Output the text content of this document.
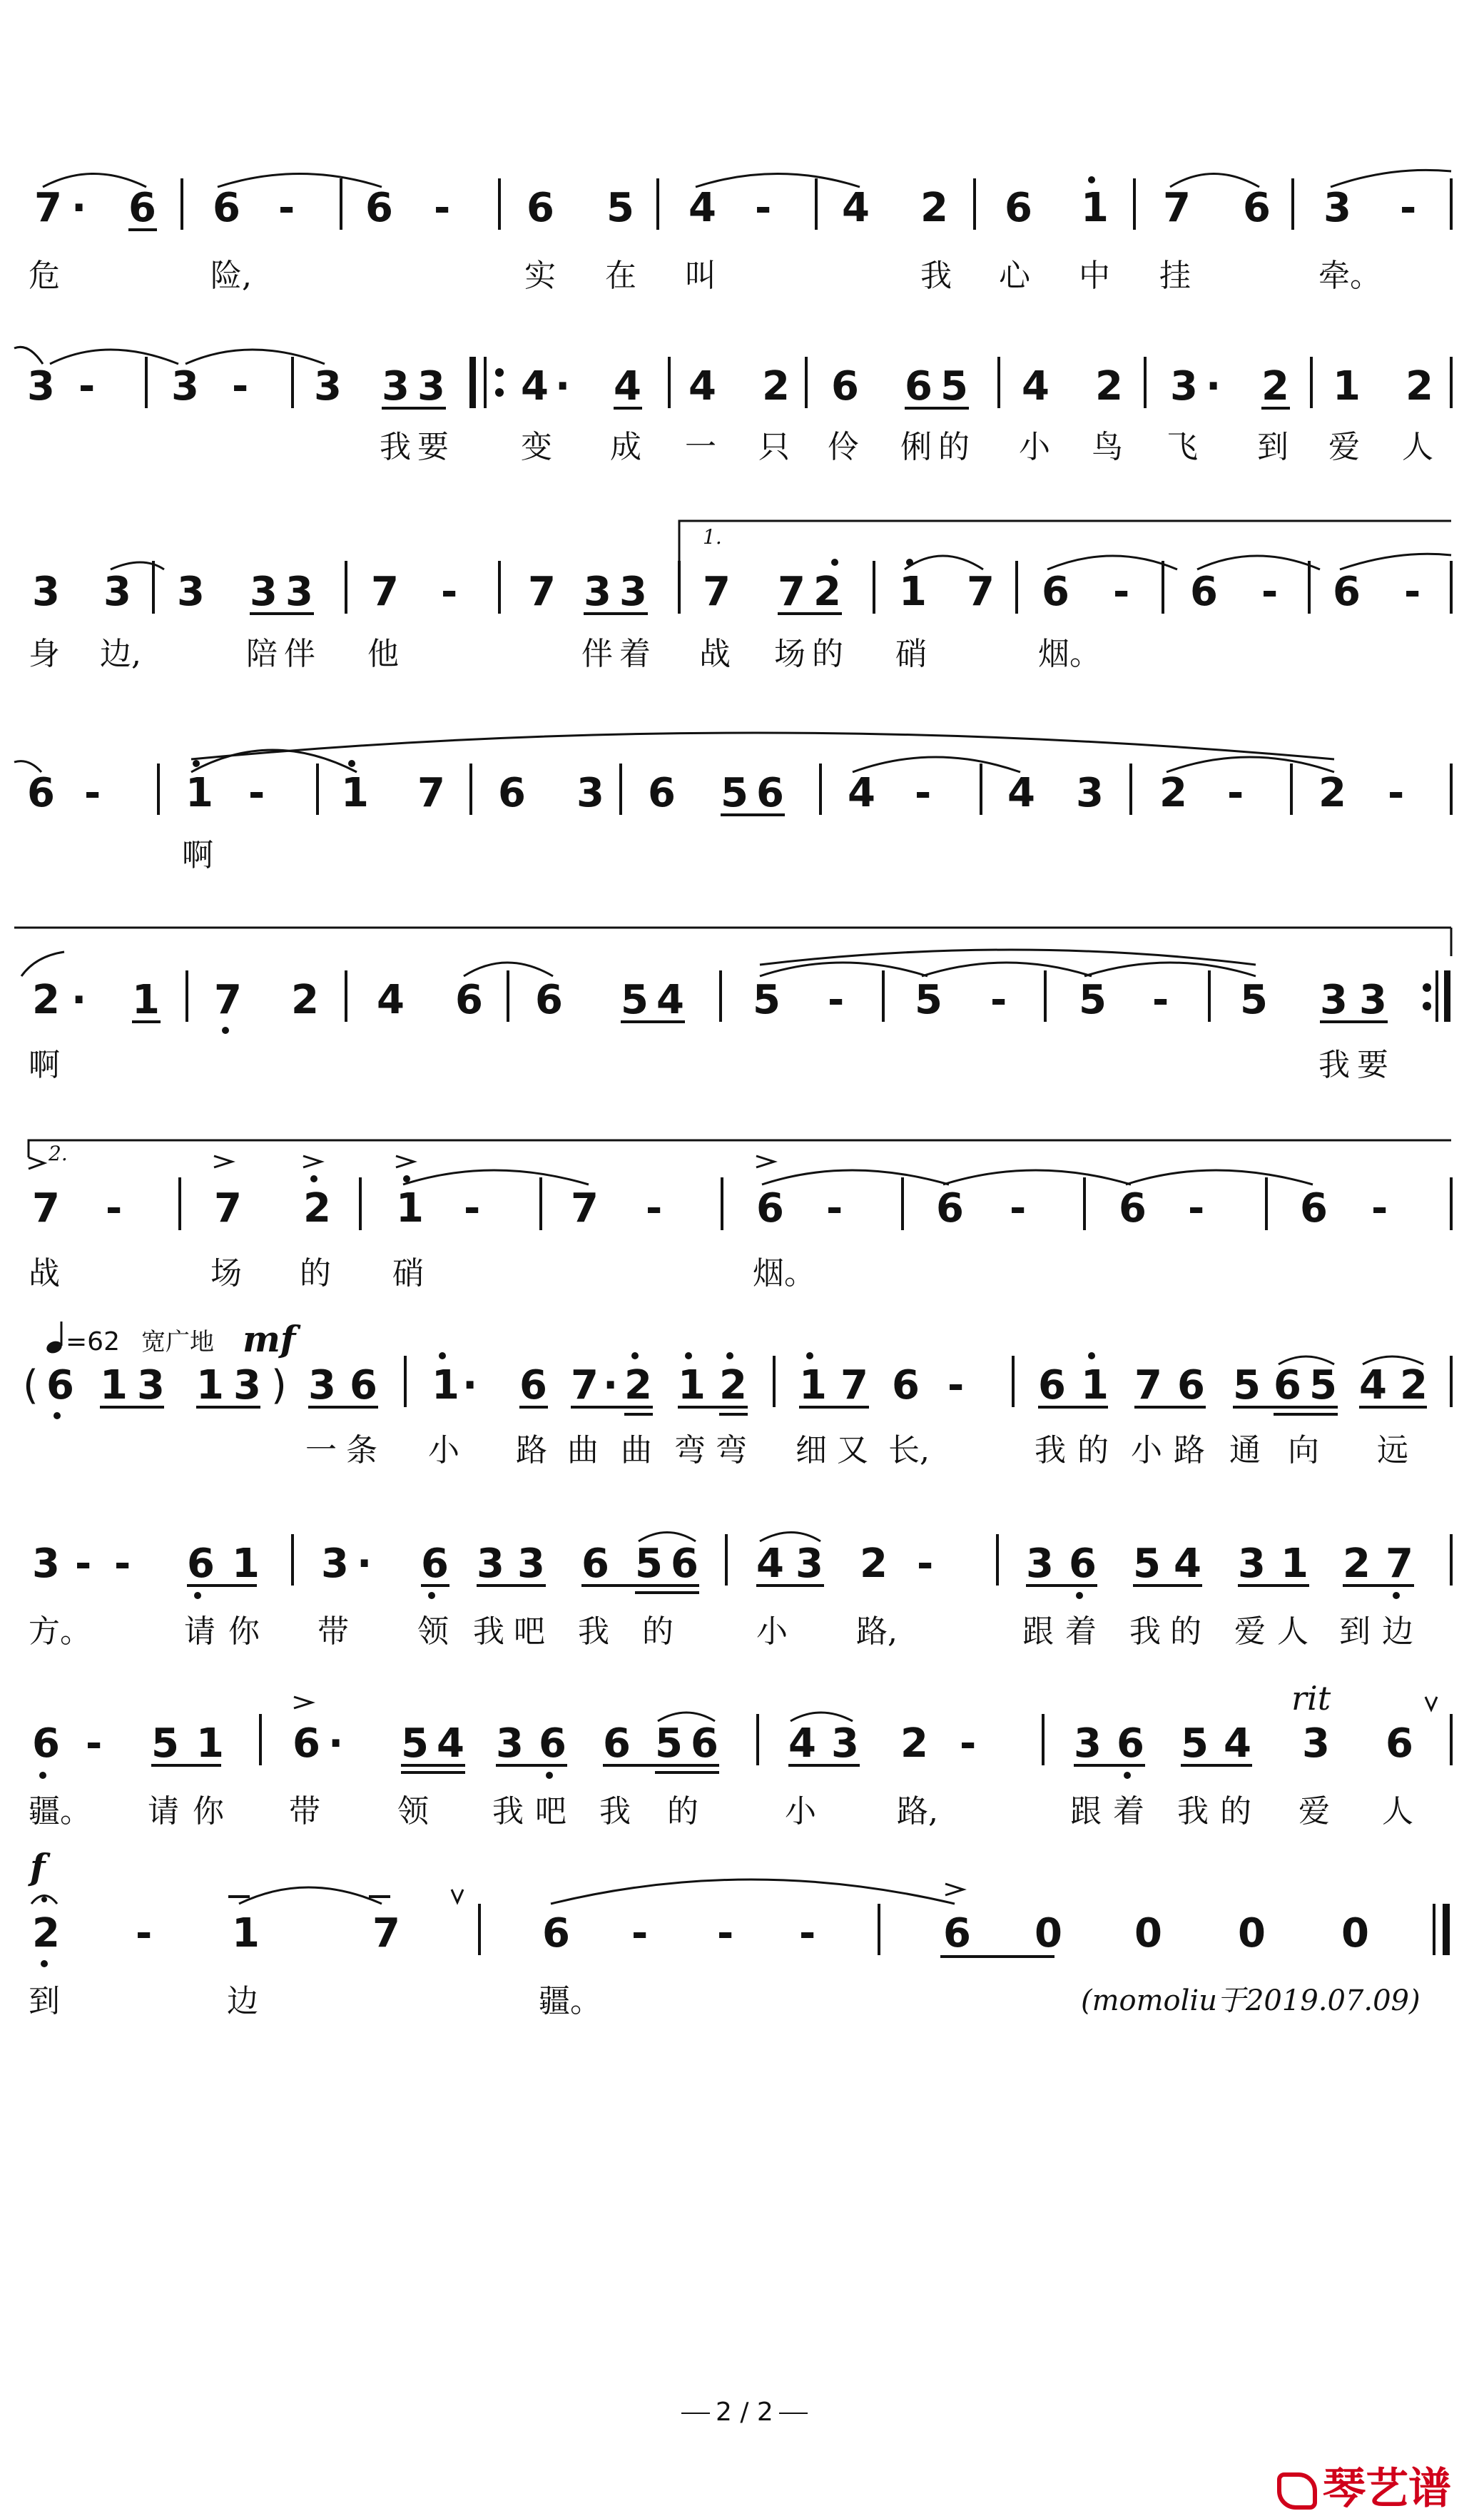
7 · 6 6 - 6 - 6 5 4 - 4 2 6 1 7 6 3 -
3 - 3 - 3 3 3 4 · 4 4 2 6 6 5 4 2 3 · 2 1 2
1.
3 3 3 3 3 7 - 7 3 3 7 7 2 1 7 6 - 6 - 6 -
6 - 1 - 1 7 6 3 6 5 6 4 - 4 3 2 - 2 -
2 · 1 7 2 4 6 6 5 4 5 - 5 - 5 - 5 3 3
2.
7 - 7 2 1 - 7 - 6 - 6 - 6 - 6 -
=62 宽广地 mf
( 6 1 3 1 3 ) 3 6 1 · 6 7 · 2 1 2 1 7 6 - 6 1 7 6 5 6 5 4 2
3 - - 6 1 3 · 6 3 3 6 5 6 4 3 2 - 3 6 5 4 3 1 2 7
rit
6 - 5 1 6 · 5 4 3 6 6 5 6 4 3 2 - 3 6 5 4 3 6
f
2 - 1	7	6 - - -	6 0 0 0 0
危	险,	实 在 叫	我 心 中 挂	牵。
我 要 变 成 一 只 伶 俐 的 小 鸟 飞 到 爱 人
身 边,	陪 伴 他	伴 着 战 场 的 硝	烟。
啊
啊	我 要
战	场 的 硝	烟。
一 条 小 路 曲 曲 弯 弯 细 又 长,	我 的 小 路 通 向 远
方。	请 你 带 领 我 吧 我 的	小 路,	跟 着 我 的 爱 人 到 边
疆。 请 你 带 领 我 吧 我 的	小	路,	跟 着 我 的 爱 人
到	边	疆。	(momoliu于2019.07.09)
2 / 2
琴艺谱
